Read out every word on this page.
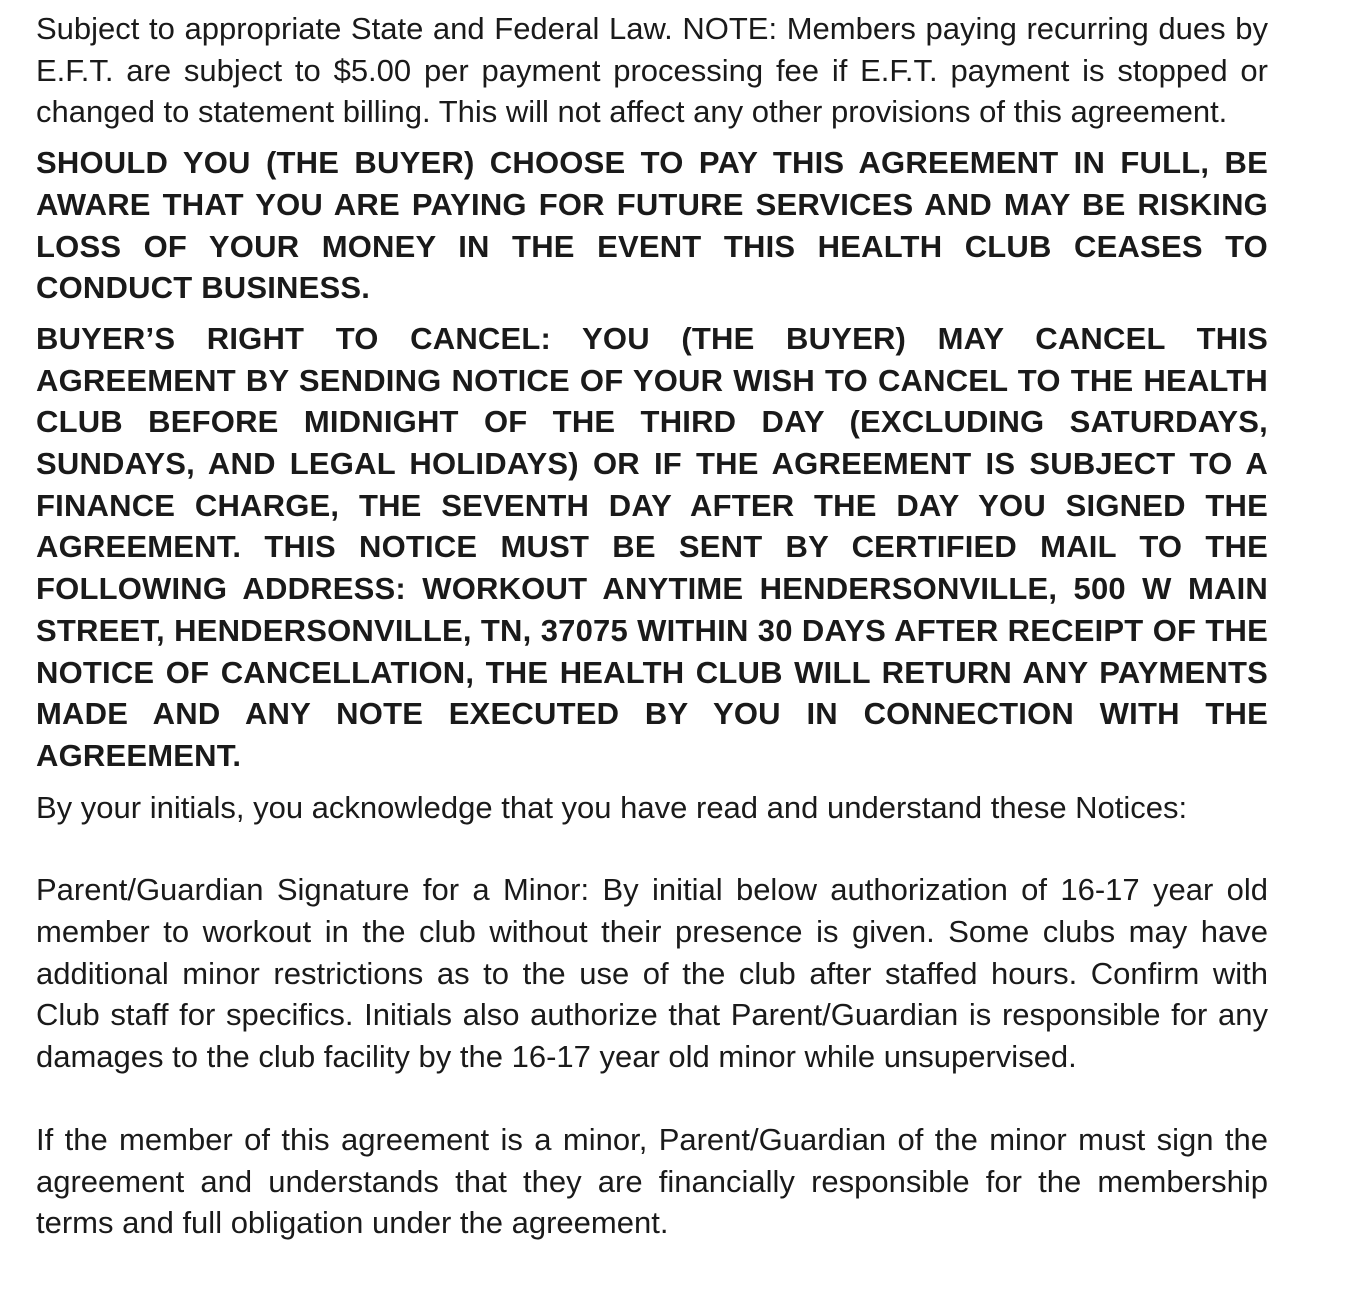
Subject to appropriate State and Federal Law. NOTE: Members paying recurring dues by E.F.T. are subject to $5.00 per payment processing fee if E.F.T. payment is stopped or changed to statement billing. This will not affect any other provisions of this agreement.

SHOULD YOU (THE BUYER) CHOOSE TO PAY THIS AGREEMENT IN FULL, BE AWARE THAT YOU ARE PAYING FOR FUTURE SERVICES AND MAY BE RISKING LOSS OF YOUR MONEY IN THE EVENT THIS HEALTH CLUB CEASES TO CONDUCT BUSINESS.

BUYER’S RIGHT TO CANCEL: YOU (THE BUYER) MAY CANCEL THIS AGREEMENT BY SENDING NOTICE OF YOUR WISH TO CANCEL TO THE HEALTH CLUB BEFORE MIDNIGHT OF THE THIRD DAY (EXCLUDING SATURDAYS, SUNDAYS, AND LEGAL HOLIDAYS) OR IF THE AGREEMENT IS SUBJECT TO A FINANCE CHARGE, THE SEVENTH DAY AFTER THE DAY YOU SIGNED THE AGREEMENT. THIS NOTICE MUST BE SENT BY CERTIFIED MAIL TO THE FOLLOWING ADDRESS: WORKOUT ANYTIME HENDERSONVILLE, 500 W MAIN STREET, HENDERSONVILLE, TN, 37075 WITHIN 30 DAYS AFTER RECEIPT OF THE NOTICE OF CANCELLATION, THE HEALTH CLUB WILL RETURN ANY PAYMENTS MADE AND ANY NOTE EXECUTED BY YOU IN CONNECTION WITH THE AGREEMENT.

By your initials, you acknowledge that you have read and understand these Notices:

Parent/Guardian Signature for a Minor: By initial below authorization of 16-17 year old member to workout in the club without their presence is given. Some clubs may have additional minor restrictions as to the use of the club after staffed hours. Confirm with Club staff for specifics. Initials also authorize that Parent/Guardian is responsible for any damages to the club facility by the 16-17 year old minor while unsupervised.

If the member of this agreement is a minor, Parent/Guardian of the minor must sign the agreement and understands that they are financially responsible for the membership terms and full obligation under the agreement.
